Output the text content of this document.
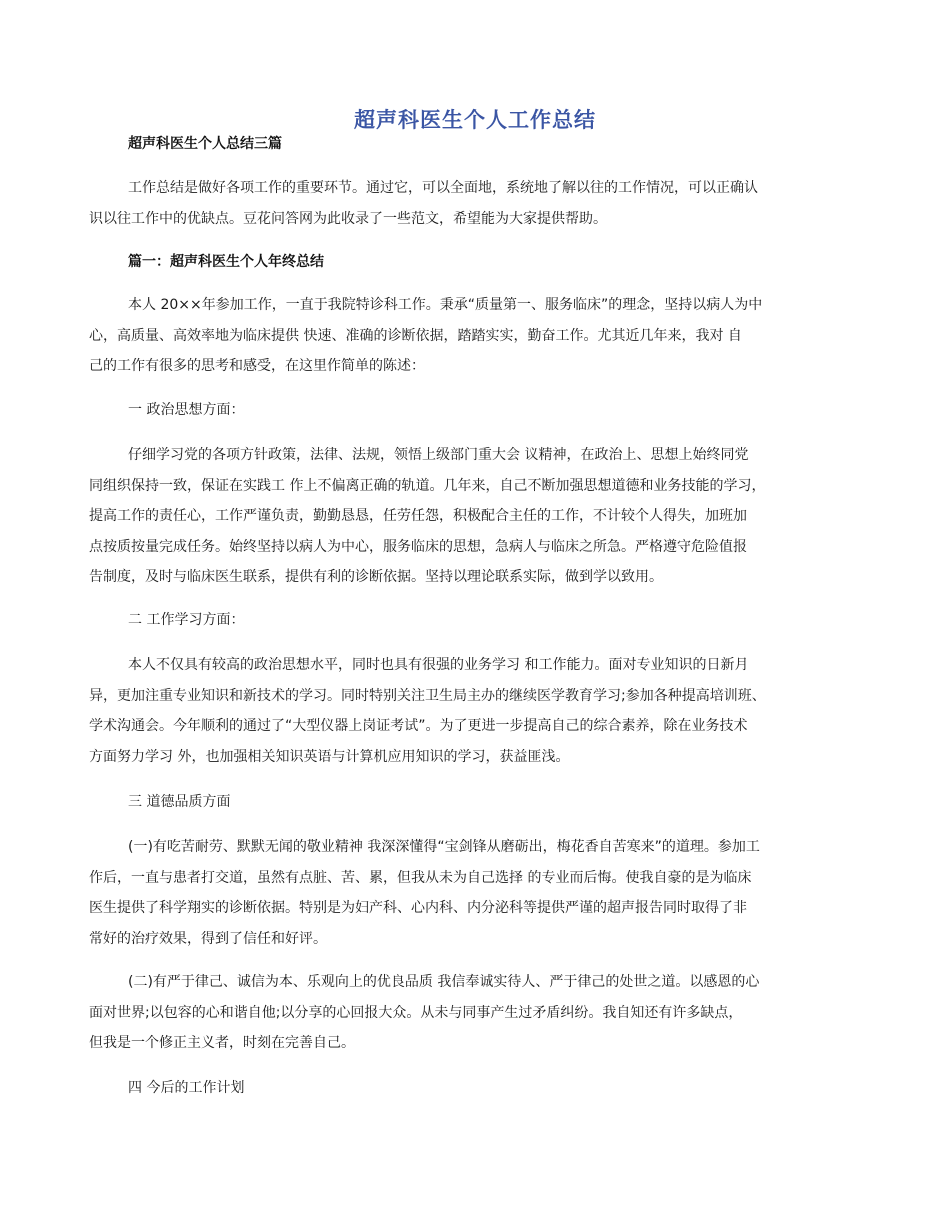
超声科医生个人工作总结
超声科医生个人总结三篇
工作总结是做好各项工作的重要环节。通过它，可以全面地，系统地了解以往的工作情况，可以正确认
识以往工作中的优缺点。豆花问答网为此收录了一些范文，希望能为大家提供帮助。
篇一：超声科医生个人年终总结
本人 20××年参加工作，一直于我院特诊科工作。秉承“质量第一、服务临床”的理念，坚持以病人为中
心，高质量、高效率地为临床提供 快速、准确的诊断依据，踏踏实实，勤奋工作。尤其近几年来，我对 自
己的工作有很多的思考和感受，在这里作简单的陈述：
一 政治思想方面：
仔细学习党的各项方针政策，法律、法规，领悟上级部门重大会 议精神，在政治上、思想上始终同党
同组织保持一致，保证在实践工 作上不偏离正确的轨道。几年来，自己不断加强思想道德和业务技能的学习，
提高工作的责任心，工作严谨负责，勤勤恳恳，任劳任怨，积极配合主任的工作，不计较个人得失，加班加
点按质按量完成任务。始终坚持以病人为中心，服务临床的思想，急病人与临床之所急。严格遵守危险值报
告制度，及时与临床医生联系，提供有利的诊断依据。坚持以理论联系实际，做到学以致用。
二 工作学习方面：
本人不仅具有较高的政治思想水平，同时也具有很强的业务学习 和工作能力。面对专业知识的日新月
异，更加注重专业知识和新技术的学习。同时特别关注卫生局主办的继续医学教育学习;参加各种提高培训班、
学术沟通会。今年顺利的通过了“大型仪器上岗证考试”。为了更进一步提高自己的综合素养，除在业务技术
方面努力学习 外，也加强相关知识英语与计算机应用知识的学习，获益匪浅。
三 道德品质方面
(一)有吃苦耐劳、默默无闻的敬业精神 我深深懂得“宝剑锋从磨砺出，梅花香自苦寒来”的道理。参加工
作后，一直与患者打交道，虽然有点脏、苦、累，但我从未为自己选择 的专业而后悔。使我自豪的是为临床
医生提供了科学翔实的诊断依据。特别是为妇产科、心内科、内分泌科等提供严谨的超声报告同时取得了非
常好的治疗效果，得到了信任和好评。
(二)有严于律己、诚信为本、乐观向上的优良品质 我信奉诚实待人、严于律己的处世之道。以感恩的心
面对世界;以包容的心和谐自他;以分享的心回报大众。从未与同事产生过矛盾纠纷。我自知还有许多缺点，
但我是一个修正主义者，时刻在完善自己。
四 今后的工作计划
